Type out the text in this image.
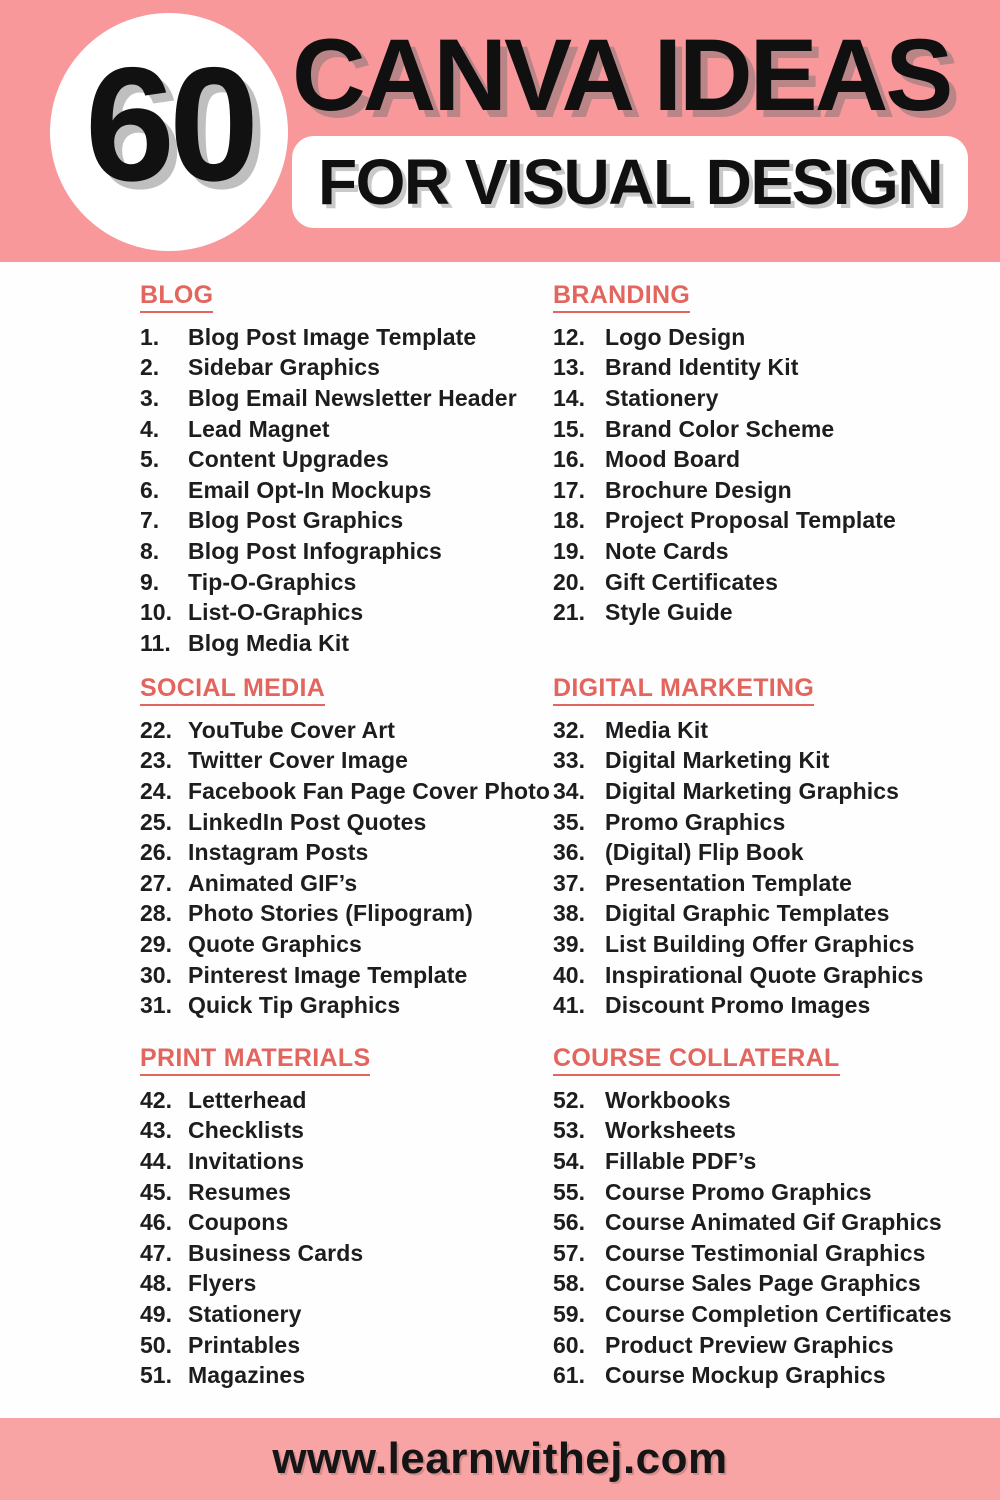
60 CANVA IDEAS
FOR VISUAL DESIGN
BLOG
1.	Blog Post Image Template
2.	Sidebar Graphics
3.	Blog Email Newsletter Header
4.	Lead Magnet
5.	Content Upgrades
6.	Email Opt-In Mockups
7.	Blog Post Graphics
8.	Blog Post Infographics
9.	Tip-O-Graphics
10. List-O-Graphics
11. Blog Media Kit
BRANDING
12. Logo Design
13. Brand Identity Kit
14. Stationery
15. Brand Color Scheme
16. Mood Board
17. Brochure Design
18. Project Proposal Template
19. Note Cards
20. Gift Certificates
21. Style Guide
SOCIAL MEDIA
22. YouTube Cover Art
23. Twitter Cover Image
24. Facebook Fan Page Cover Photo
25. LinkedIn Post Quotes
26. Instagram Posts
27. Animated GIF’s
28. Photo Stories (Flipogram)
29. Quote Graphics
30. Pinterest Image Template
31. Quick Tip Graphics
DIGITAL MARKETING
32. Media Kit
33. Digital Marketing Kit
34. Digital Marketing Graphics
35. Promo Graphics
36. (Digital) Flip Book
37. Presentation Template
38. Digital Graphic Templates
39. List Building Offer Graphics
40. Inspirational Quote Graphics
41. Discount Promo Images
PRINT MATERIALS
42. Letterhead
43. Checklists
44. Invitations
45. Resumes
46. Coupons
47. Business Cards
48. Flyers
49. Stationery
50. Printables
51. Magazines
COURSE COLLATERAL
52. Workbooks
53. Worksheets
54. Fillable PDF’s
55. Course Promo Graphics
56. Course Animated Gif Graphics
57. Course Testimonial Graphics
58. Course Sales Page Graphics
59. Course Completion Certificates
60. Product Preview Graphics
61. Course Mockup Graphics
www.learnwithej.com
